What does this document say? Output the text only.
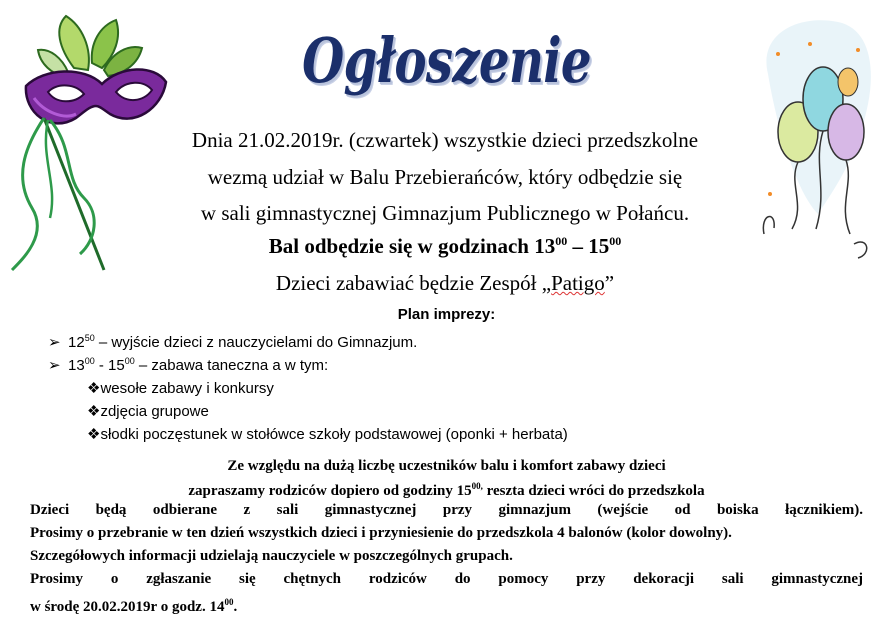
Ogłoszenie
Dnia 21.02.2019r. (czwartek) wszystkie dzieci przedszkolne
wezmą udział w Balu Przebierańców, który odbędzie się
w sali gimnastycznej Gimnazjum Publicznego w Połańcu.
Bal odbędzie się w godzinach $13^{00} - 15^{00}$
Dzieci zabawiać będzie Zespół „Patigo”
Plan imprezy:
➢ $12^{50}$ – wyjście dzieci z nauczycielami do Gimnazjum.
➢ $13^{00} - 15^{00}$ – zabawa taneczna a w tym:
❖wesołe zabawy i konkursy
❖zdjęcia grupowe
❖słodki poczęstunek w stołówce szkoły podstawowej (oponki + herbata)
Ze względu na dużą liczbę uczestników balu i komfort zabawy dzieci
zapraszamy rodziców dopiero od godziny $15^{00,}$ reszta dzieci wróci do przedszkola
Dzieci będą odbierane z sali gimnastycznej przy gimnazjum (wejście od boiska łącznikiem).
Prosimy o przebranie w ten dzień wszystkich dzieci i przyniesienie do przedszkola 4 balonów (kolor dowolny).
Szczegółowych informacji udzielają nauczyciele w poszczególnych grupach.
Prosimy o zgłaszanie się chętnych rodziców do pomocy przy dekoracji sali gimnastycznej
w środę 20.02.2019r o godz. $14^{00}$.
